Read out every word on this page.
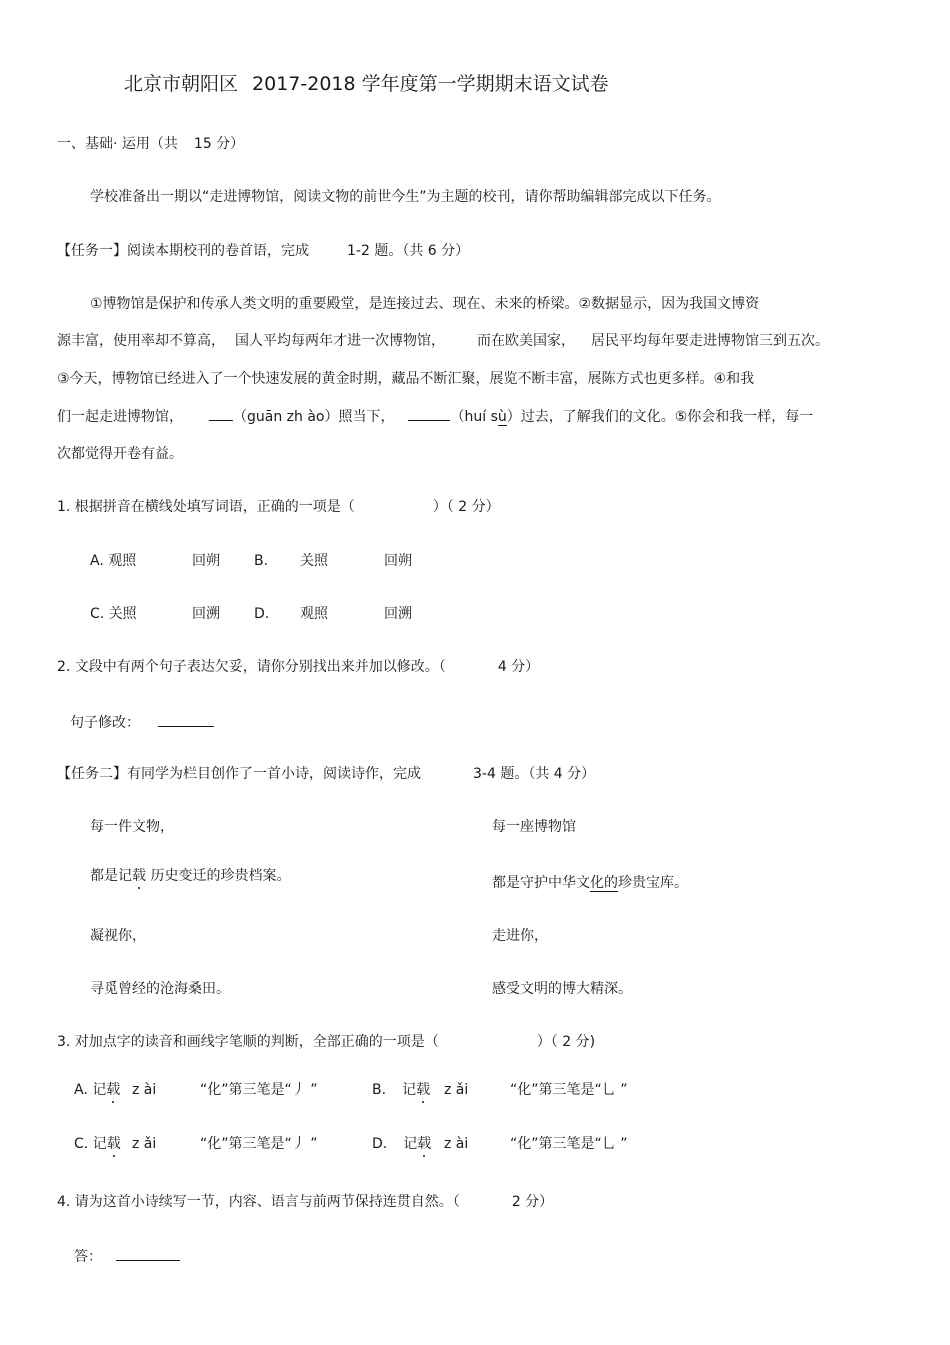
北京市朝阳区 2017-2018 学年度第一学期期末语文试卷
一、基础· 运用（共 15 分）
学校准备出一期以“走进博物馆，阅读文物的前世今生”为主题的校刊，请你帮助编辑部完成以下任务。
【任务一】阅读本期校刊的卷首语，完成	1-2 题。（共 6 分）
①博物馆是保护和传承人类文明的重要殿堂，是连接过去、现在、未来的桥梁。②数据显示，因为我国文博资
源丰富，使用率却不算高， 国人平均每两年才进一次博物馆， 而在欧美国家， 居民平均每年要走进博物馆三到五次。
③今天，博物馆已经进入了一个快速发展的黄金时期，藏品不断汇聚，展览不断丰富，展陈方式也更多样。④和我
们一起走进博物馆，	（guān zh ào）照当下，	（huí sù）过去，了解我们的文化。⑤你会和我一样，每一
次都觉得开卷有益。
1. 根据拼音在横线处填写词语，正确的一项是（	）（ 2 分）
A. 观照	回朔 B. 关照	回朔
C. 关照	回溯 D. 观照	回溯
2. 文段中有两个句子表达欠妥，请你分别找出来并加以修改。（	4 分）
句子修改：
【任务二】有同学为栏目创作了一首小诗，阅读诗作，完成	3-4 题。（共 4 分）
每一件文物，
都是记载 历史变迁的珍贵档案。
凝视你，
寻觅曾经的沧海桑田。
每一座博物馆
都是守护中华文化的珍贵宝库。
走进你，
感受文明的博大精深。
3. 对加点字的读音和画线字笔顺的判断，全部正确的一项是（	）（ 2 分)
A. 记载 z ài	“化”第三笔是“丿 ”	B. 记载 z ǎi	“化”第三笔是“乚 ”
C. 记载 z ǎi	“化”第三笔是“丿 ”	D. 记载 z ài	“化”第三笔是“乚 ”
4. 请为这首小诗续写一节，内容、语言与前两节保持连贯自然。（	2 分）
答：
